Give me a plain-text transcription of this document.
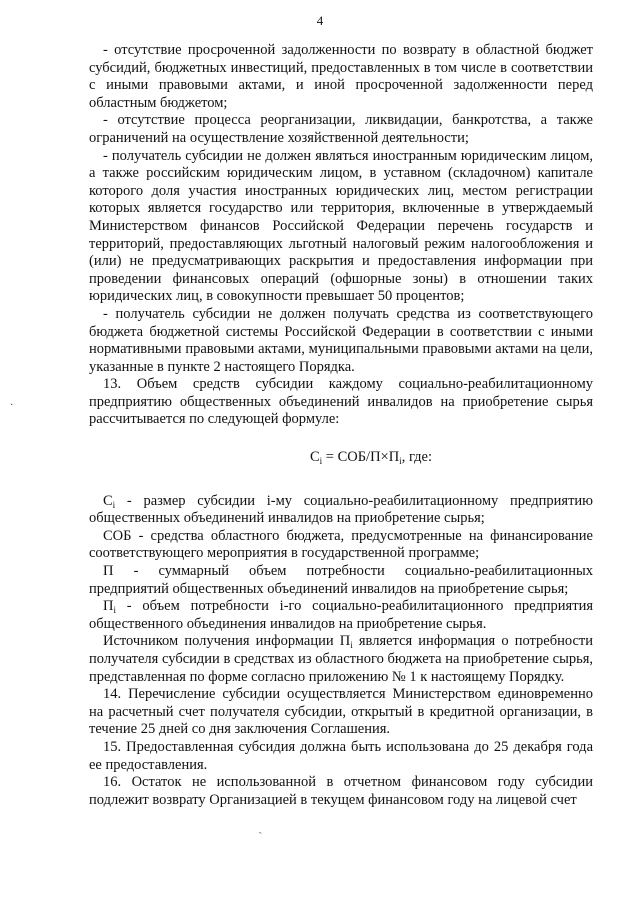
4

- отсутствие просроченной задолженности по возврату в областной бюджет субсидий, бюджетных инвестиций, предоставленных в том числе в соответствии с иными правовыми актами, и иной просроченной задолженности перед областным бюджетом;

- отсутствие процесса реорганизации, ликвидации, банкротства, а также ограничений на осуществление хозяйственной деятельности;

- получатель субсидии не должен являться иностранным юридическим лицом, а также российским юридическим лицом, в уставном (складочном) капитале которого доля участия иностранных юридических лиц, местом регистрации которых является государство или территория, включенные в утверждаемый Министерством финансов Российской Федерации перечень государств и территорий, предоставляющих льготный налоговый режим налогообложения и (или) не предусматривающих раскрытия и предоставления информации при проведении финансовых операций (офшорные зоны) в отношении таких юридических лиц, в совокупности превышает 50 процентов;

- получатель субсидии не должен получать средства из соответствующего бюджета бюджетной системы Российской Федерации в соответствии с иными нормативными правовыми актами, муниципальными правовыми актами на цели, указанные в пункте 2 настоящего Порядка.

13. Объем средств субсидии каждому социально-реабилитационному предприятию общественных объединений инвалидов на приобретение сырья рассчитывается по следующей формуле:

$C_i = СОБ/П\times П_i$, где:

$C_i$ - размер субсидии i-му социально-реабилитационному предприятию общественных объединений инвалидов на приобретение сырья;

СОБ - средства областного бюджета, предусмотренные на финансирование соответствующего мероприятия в государственной программе;

П - суммарный объем потребности социально-реабилитационных предприятий общественных объединений инвалидов на приобретение сырья;

$П_i$ - объем потребности i-го социально-реабилитационного предприятия общественного объединения инвалидов на приобретение сырья.

Источником получения информации $П_i$ является информация о потребности получателя субсидии в средствах из областного бюджета на приобретение сырья, представленная по форме согласно приложению № 1 к настоящему Порядку.

14. Перечисление субсидии осуществляется Министерством единовременно на расчетный счет получателя субсидии, открытый в кредитной организации, в течение 25 дней со дня заключения Соглашения.

15. Предоставленная субсидия должна быть использована до 25 декабря года ее предоставления.

16. Остаток не использованной в отчетном финансовом году субсидии подлежит возврату Организацией в текущем финансовом году на лицевой счет

·
˴
